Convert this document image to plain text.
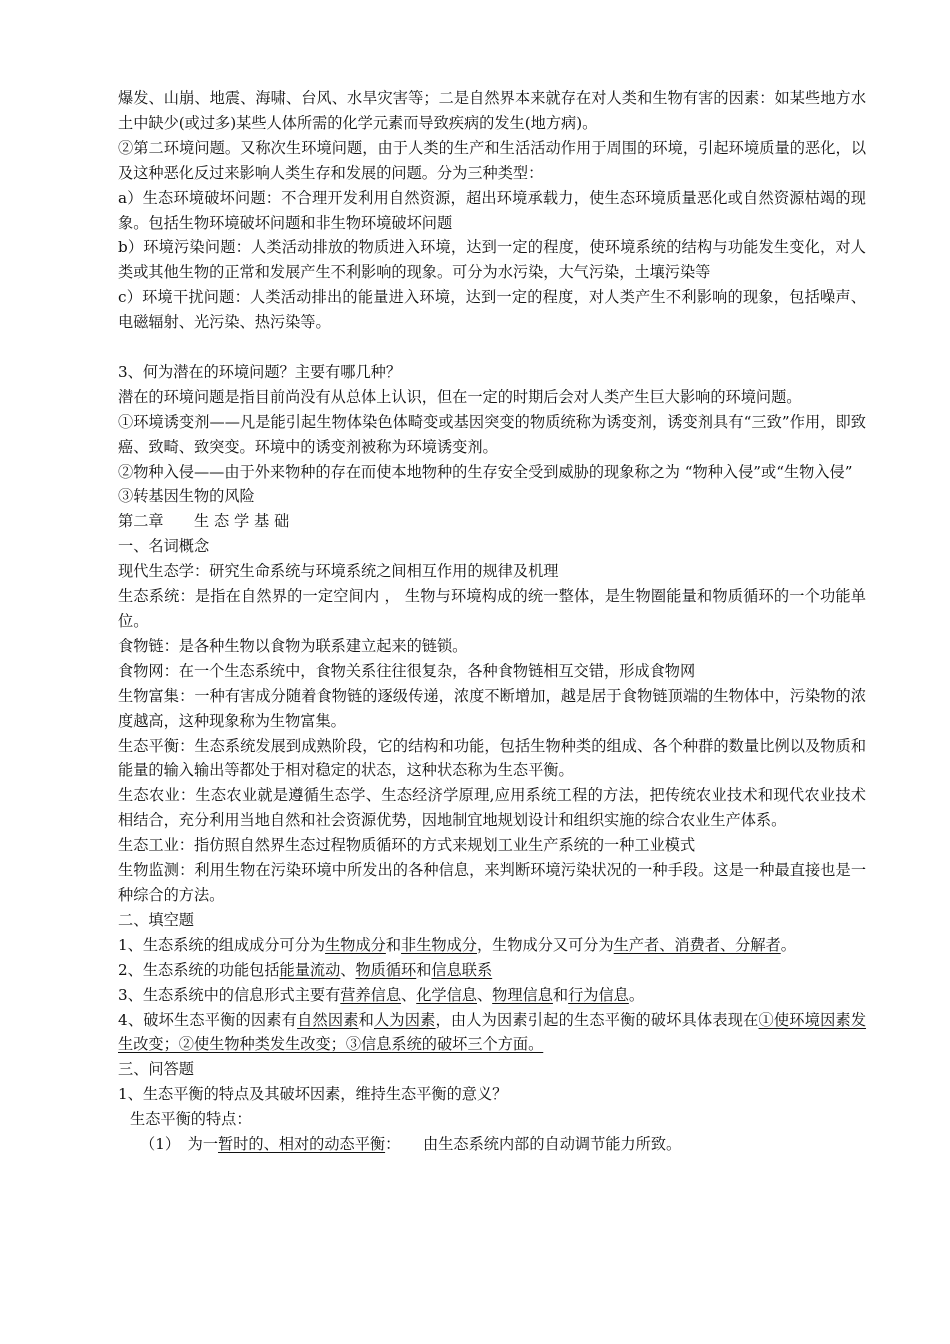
爆发、山崩、地震、海啸、台风、水旱灾害等；二是自然界本来就存在对人类和生物有害的因素：如某些地方水土中缺少(或过多)某些人体所需的化学元素而导致疾病的发生(地方病)。
②第二环境问题。又称次生环境问题，由于人类的生产和生活活动作用于周围的环境，引起环境质量的恶化，以及这种恶化反过来影响人类生存和发展的问题。分为三种类型：
a）生态环境破坏问题：不合理开发利用自然资源，超出环境承载力，使生态环境质量恶化或自然资源枯竭的现象。包括生物环境破坏问题和非生物环境破坏问题
b）环境污染问题：人类活动排放的物质进入环境，达到一定的程度，使环境系统的结构与功能发生变化，对人类或其他生物的正常和发展产生不利影响的现象。可分为水污染，大气污染，土壤污染等
c）环境干扰问题：人类活动排出的能量进入环境，达到一定的程度，对人类产生不利影响的现象，包括噪声、电磁辐射、光污染、热污染等。
3、何为潜在的环境问题？主要有哪几种？
潜在的环境问题是指目前尚没有从总体上认识，但在一定的时期后会对人类产生巨大影响的环境问题。
①环境诱变剂——凡是能引起生物体染色体畸变或基因突变的物质统称为诱变剂，诱变剂具有“三致”作用，即致癌、致畸、致突变。环境中的诱变剂被称为环境诱变剂。
②物种入侵——由于外来物种的存在而使本地物种的生存安全受到威胁的现象称之为 “物种入侵”或“生物入侵”
③转基因生物的风险
第二章　　生 态 学 基 础
一、名词概念
现代生态学：研究生命系统与环境系统之间相互作用的规律及机理
生态系统：是指在自然界的一定空间内 ， 生物与环境构成的统一整体，是生物圈能量和物质循环的一个功能单位。
食物链：是各种生物以食物为联系建立起来的链锁。
食物网：在一个生态系统中，食物关系往往很复杂，各种食物链相互交错，形成食物网
生物富集：一种有害成分随着食物链的逐级传递，浓度不断增加，越是居于食物链顶端的生物体中，污染物的浓度越高，这种现象称为生物富集。
生态平衡：生态系统发展到成熟阶段，它的结构和功能，包括生物种类的组成、各个种群的数量比例以及物质和能量的输入输出等都处于相对稳定的状态，这种状态称为生态平衡。
生态农业：生态农业就是遵循生态学、生态经济学原理,应用系统工程的方法，把传统农业技术和现代农业技术相结合，充分利用当地自然和社会资源优势，因地制宜地规划设计和组织实施的综合农业生产体系。
生态工业：指仿照自然界生态过程物质循环的方式来规划工业生产系统的一种工业模式
生物监测：利用生物在污染环境中所发出的各种信息，来判断环境污染状况的一种手段。这是一种最直接也是一种综合的方法。
二、填空题
1、生态系统的组成成分可分为生物成分和非生物成分，生物成分又可分为生产者、消费者、分解者。
2、生态系统的功能包括能量流动、物质循环和信息联系
3、生态系统中的信息形式主要有营养信息、化学信息、物理信息和行为信息。
4、破坏生态平衡的因素有自然因素和人为因素，由人为因素引起的生态平衡的破坏具体表现在①使环境因素发生改变；②使生物种类发生改变；③信息系统的破坏三个方面。
三、问答题
1、生态平衡的特点及其破坏因素，维持生态平衡的意义？
生态平衡的特点：
（1）　为一暂时的、相对的动态平衡：　　由生态系统内部的自动调节能力所致。
